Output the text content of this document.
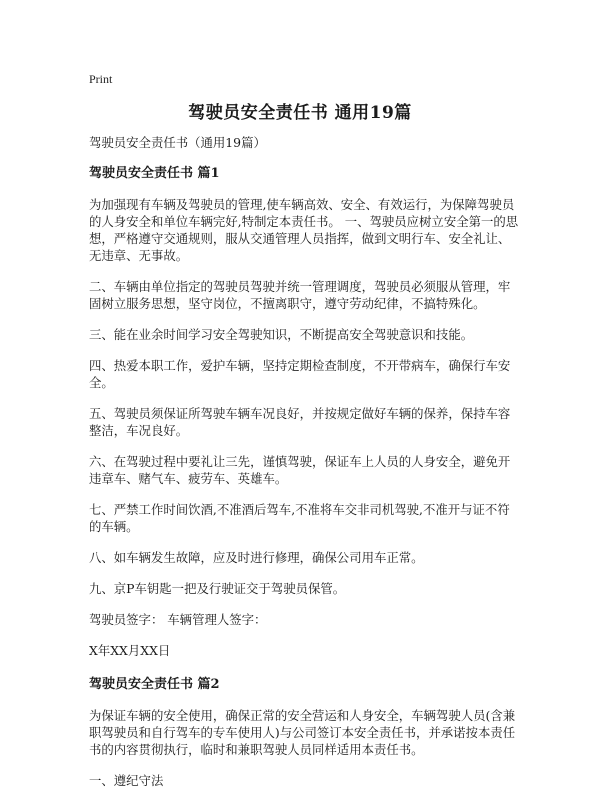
Print
驾驶员安全责任书 通用19篇

驾驶员安全责任书（通用19篇）

驾驶员安全责任书 篇1

为加强现有车辆及驾驶员的管理,使车辆高效、安全、有效运行，为保障驾驶员的人身安全和单位车辆完好,特制定本责任书。 一、驾驶员应树立安全第一的思想，严格遵守交通规则，服从交通管理人员指挥，做到文明行车、安全礼让、无违章、无事故。

二、车辆由单位指定的驾驶员驾驶并统一管理调度，驾驶员必须服从管理，牢固树立服务思想，坚守岗位，不擅离职守，遵守劳动纪律，不搞特殊化。

三、能在业余时间学习安全驾驶知识，不断提高安全驾驶意识和技能。

四、热爱本职工作，爱护车辆，坚持定期检查制度，不开带病车，确保行车安全。

五、驾驶员须保证所驾驶车辆车况良好，并按规定做好车辆的保养，保持车容整洁，车况良好。

六、在驾驶过程中要礼让三先，谨慎驾驶，保证车上人员的人身安全，避免开违章车、赌气车、疲劳车、英雄车。

七、严禁工作时间饮酒,不准酒后驾车,不准将车交非司机驾驶,不准开与证不符的车辆。

八、如车辆发生故障，应及时进行修理，确保公司用车正常。

九、京P车钥匙一把及行驶证交于驾驶员保管。

驾驶员签字： 车辆管理人签字：

X年XX月XX日

驾驶员安全责任书 篇2

为保证车辆的安全使用，确保正常的安全营运和人身安全，车辆驾驶人员(含兼职驾驶员和自行驾车的专车使用人)与公司签订本安全责任书，并承诺按本责任书的内容贯彻执行，临时和兼职驾驶人员同样适用本责任书。

一、遵纪守法
